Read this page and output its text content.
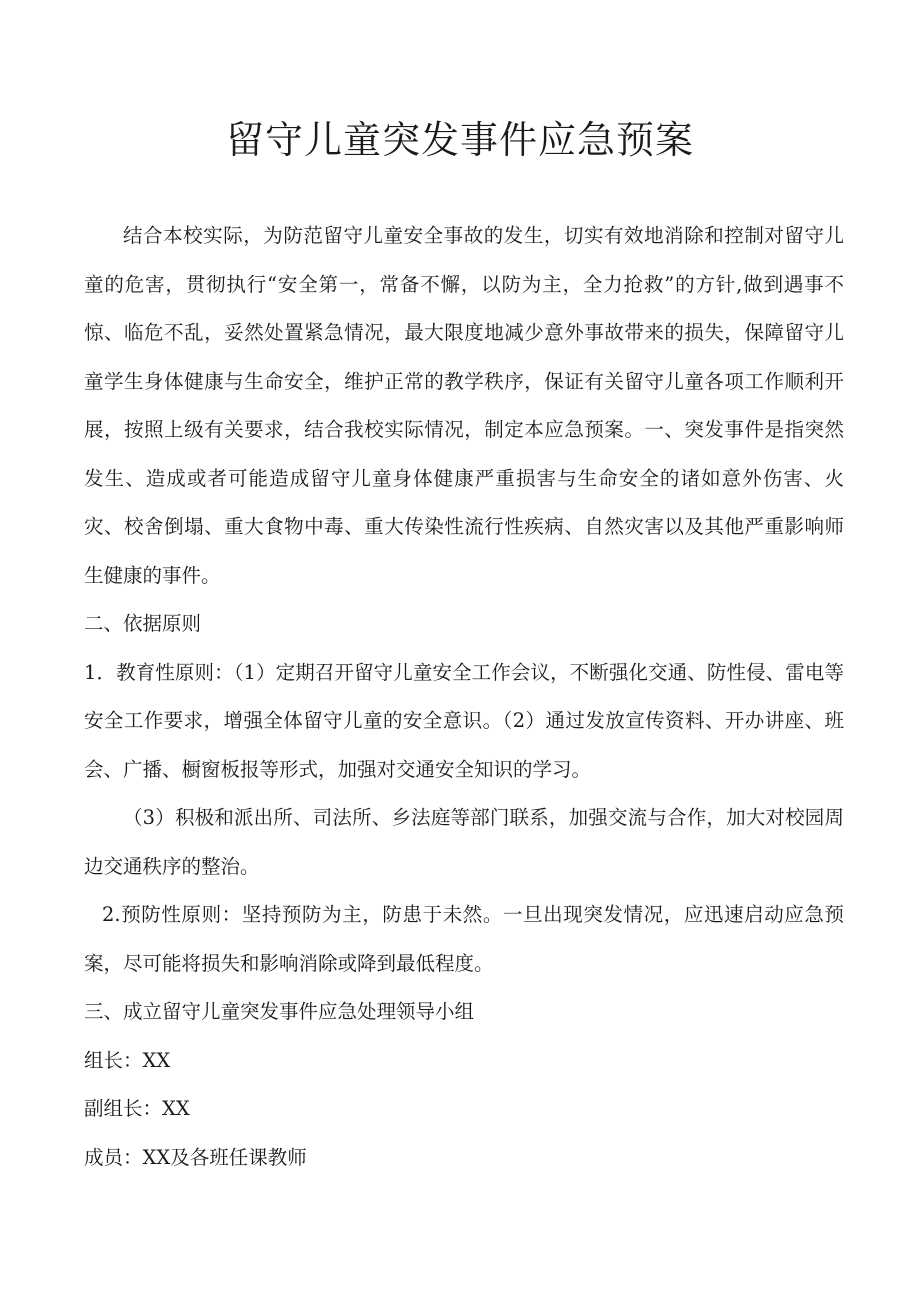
留守儿童突发事件应急预案

结合本校实际，为防范留守儿童安全事故的发生，切实有效地消除和控制对留守儿童的危害，贯彻执行“安全第一，常备不懈，以防为主，全力抢救”的方针,做到遇事不惊、临危不乱，妥然处置紧急情况，最大限度地减少意外事故带来的损失，保障留守儿童学生身体健康与生命安全，维护正常的教学秩序，保证有关留守儿童各项工作顺利开展，按照上级有关要求，结合我校实际情况，制定本应急预案。一、突发事件是指突然发生、造成或者可能造成留守儿童身体健康严重损害与生命安全的诸如意外伤害、火灾、校舍倒塌、重大食物中毒、重大传染性流行性疾病、自然灾害以及其他严重影响师生健康的事件。

二、依据原则

1．教育性原则：（1）定期召开留守儿童安全工作会议，不断强化交通、防性侵、雷电等安全工作要求，增强全体留守儿童的安全意识。（2）通过发放宣传资料、开办讲座、班会、广播、橱窗板报等形式，加强对交通安全知识的学习。

（3）积极和派出所、司法所、乡法庭等部门联系，加强交流与合作，加大对校园周边交通秩序的整治。

2.预防性原则：坚持预防为主，防患于未然。一旦出现突发情况，应迅速启动应急预案，尽可能将损失和影响消除或降到最低程度。

三、成立留守儿童突发事件应急处理领导小组

组长：XX

副组长：XX

成员：XX及各班任课教师
